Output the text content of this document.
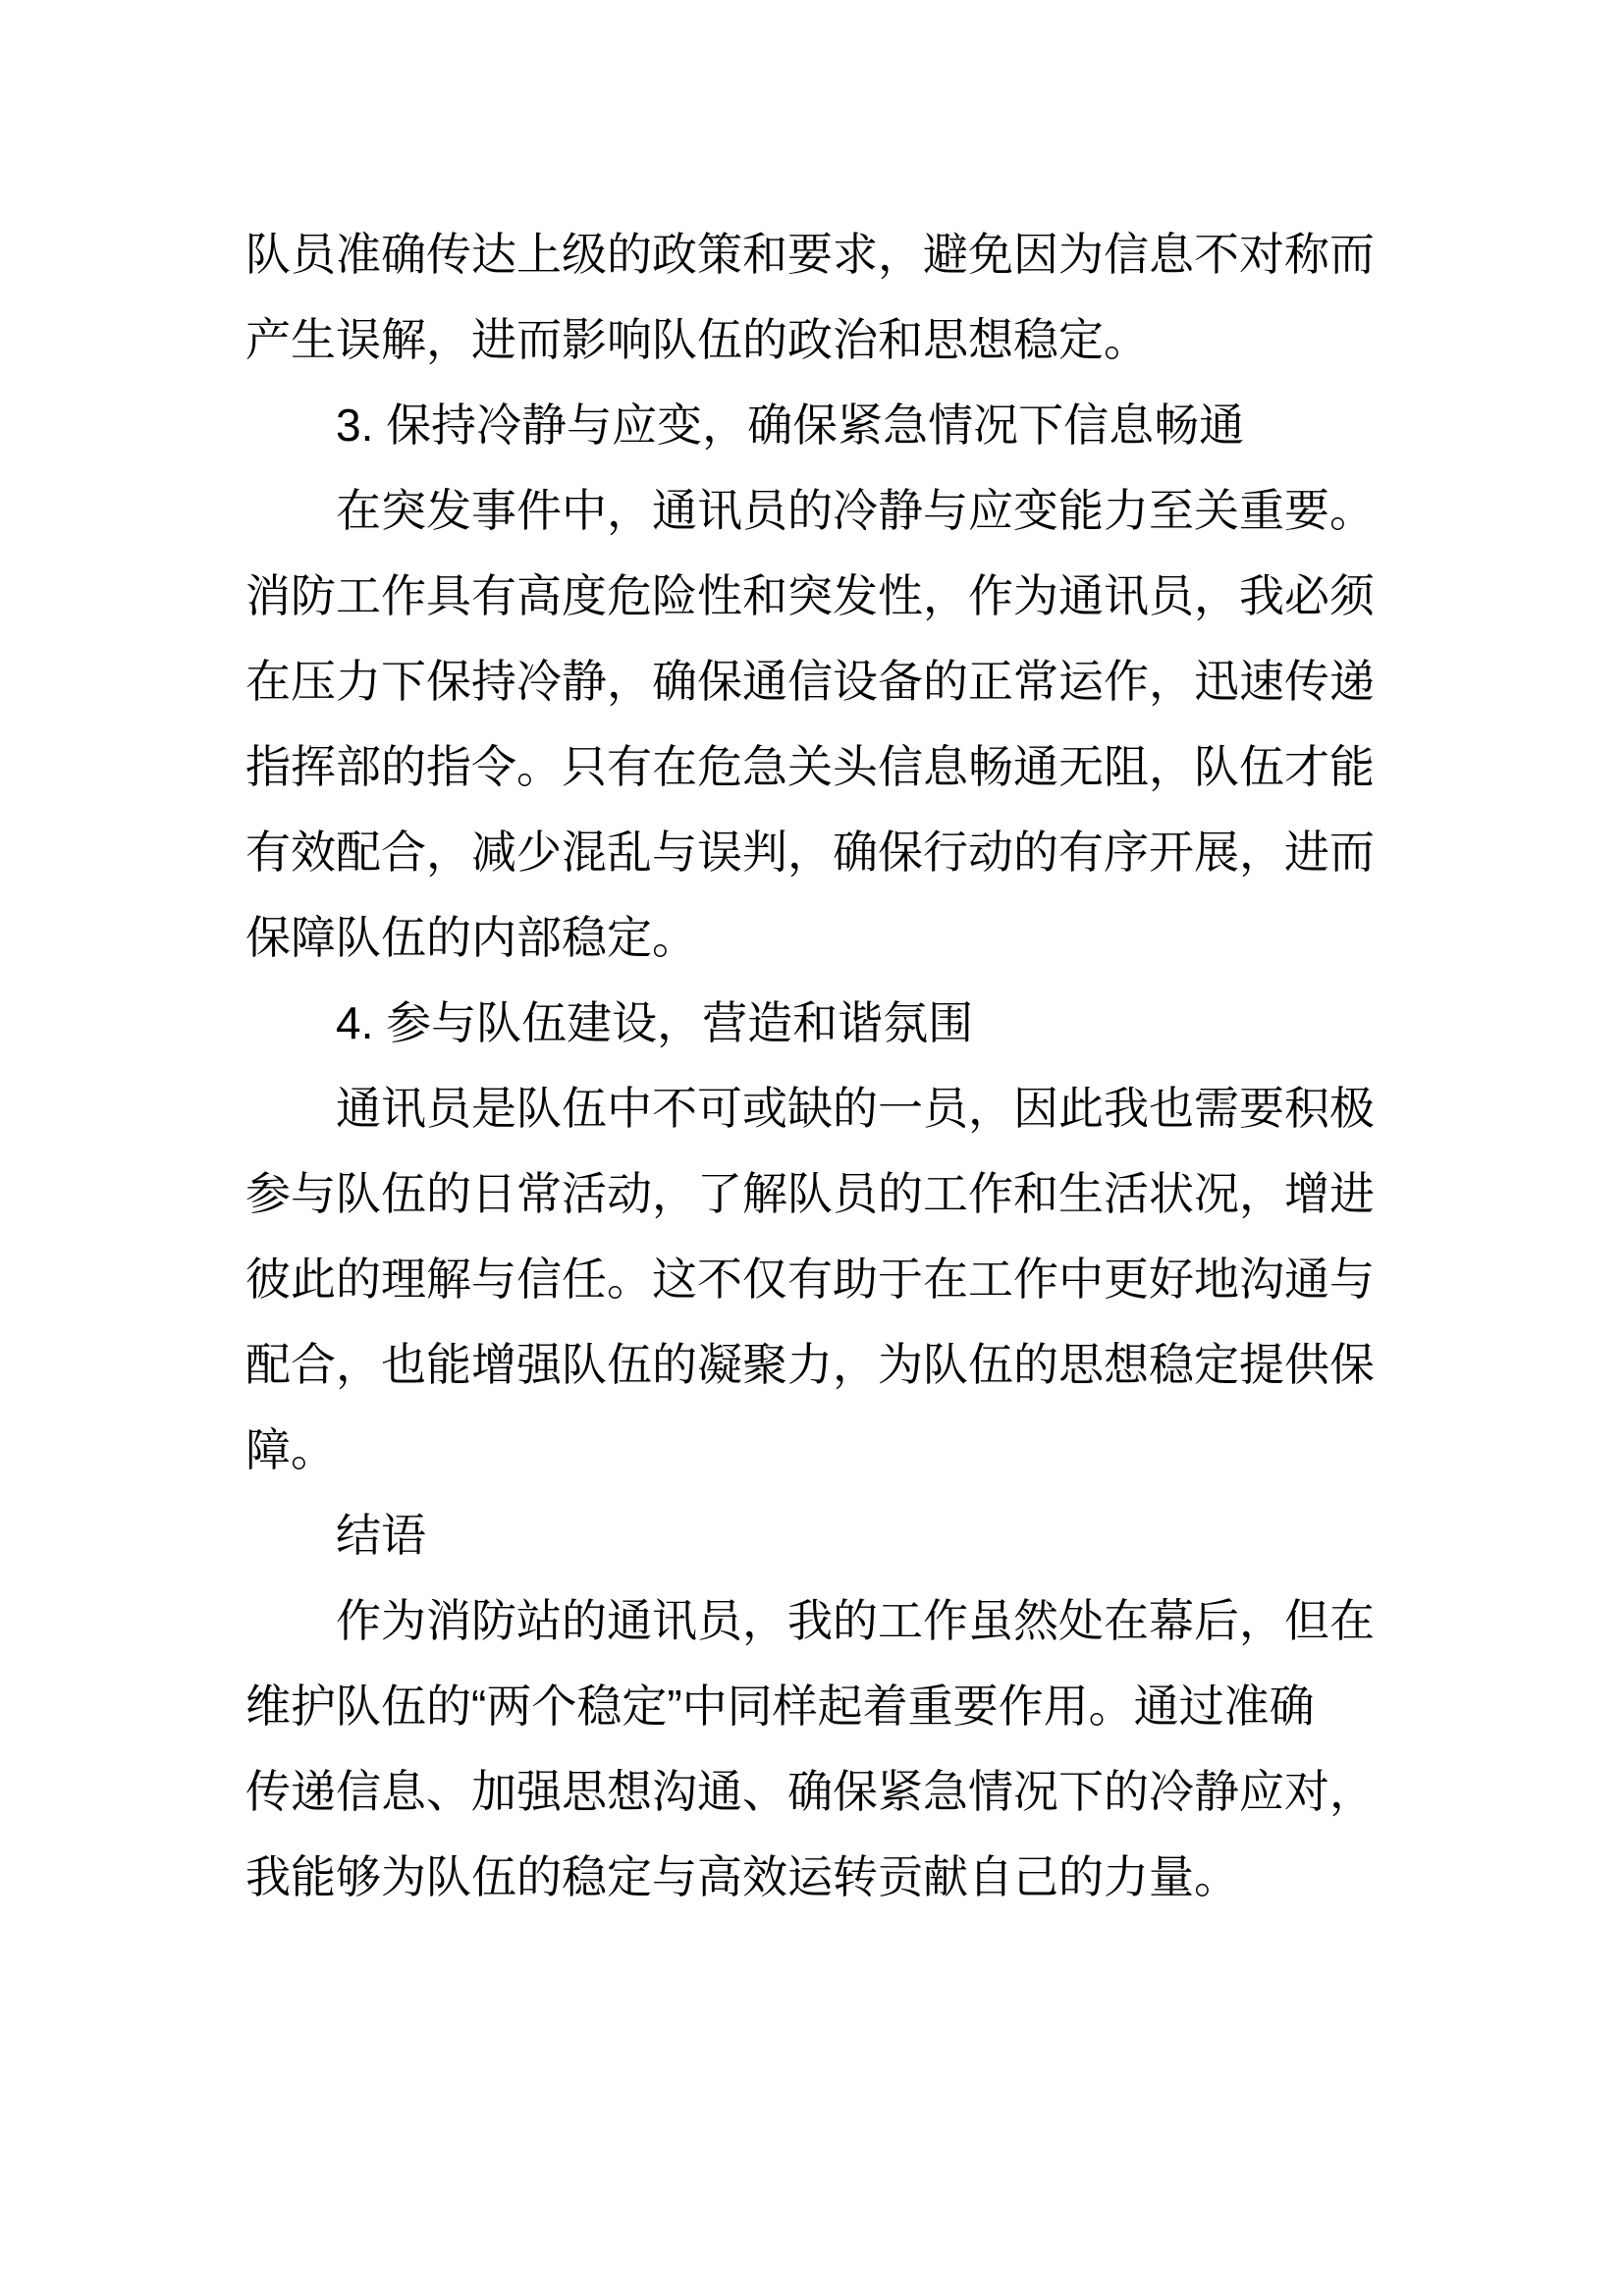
队员准确传达上级的政策和要求，避免因为信息不对称而
产生误解，进而影响队伍的政治和思想稳定。
3. 保持冷静与应变，确保紧急情况下信息畅通
在突发事件中，通讯员的冷静与应变能力至关重要。
消防工作具有高度危险性和突发性，作为通讯员，我必须
在压力下保持冷静，确保通信设备的正常运作，迅速传递
指挥部的指令。只有在危急关头信息畅通无阻，队伍才能
有效配合，减少混乱与误判，确保行动的有序开展，进而
保障队伍的内部稳定。
4. 参与队伍建设，营造和谐氛围
通讯员是队伍中不可或缺的一员，因此我也需要积极
参与队伍的日常活动，了解队员的工作和生活状况，增进
彼此的理解与信任。这不仅有助于在工作中更好地沟通与
配合，也能增强队伍的凝聚力，为队伍的思想稳定提供保
障。
结语
作为消防站的通讯员，我的工作虽然处在幕后，但在
维护队伍的“两个稳定”中同样起着重要作用。通过准确
传递信息、加强思想沟通、确保紧急情况下的冷静应对，
我能够为队伍的稳定与高效运转贡献自己的力量。
